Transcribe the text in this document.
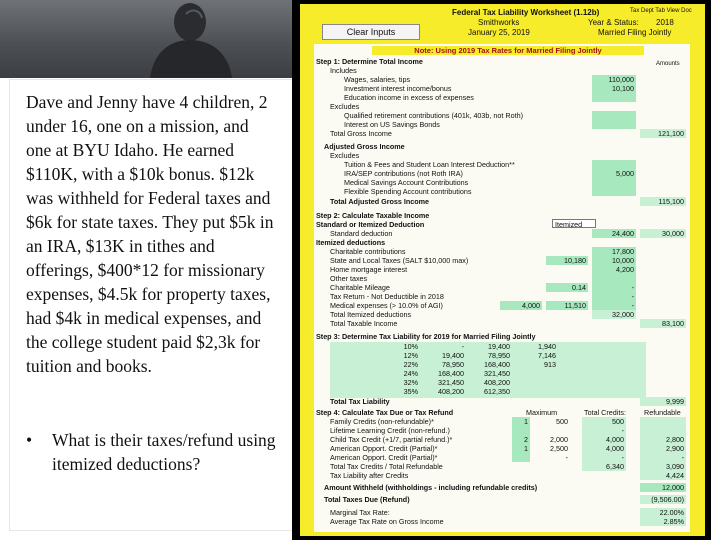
Dave and Jenny have 4 children, 2 under 16, one on a mission, and one at BYU Idaho. He earned $110K, with a $10k bonus. $12k was withheld for Federal taxes and $6k for state taxes. They put $5k in an IRA, $13K in tithes and offerings, $400*12 for missionary expenses, $4.5k for property taxes, had $4k in medical expenses, and the college student paid $2,3k for tuition and books.
• What is their taxes/refund using itemized deductions?
Clear Inputs
Federal Tax Liability Worksheet (1.12b)	Tax Dept Tab View Doc
Smithworks
January 25, 2019
Year & Status: 2018
Married Filing Jointly
Note: Using 2019 Tax Rates for Married Filing Jointly
Step 1: Determine Total Income	Amounts
Includes
Wages, salaries, tips	110,000
Investment interest income/bonus	10,100
Education income in excess of expenses
Excludes
Qualified retirement contributions (401k, 403b, not Roth)
Interest on US Savings Bonds
Total Gross Income	121,100
Adjusted Gross Income
Excludes
Tuition & Fees and Student Loan Interest Deduction**
IRA/SEP contributions (not Roth IRA)	5,000
Medical Savings Account Contributions
Flexible Spending Account contributions
Total Adjusted Gross Income	115,100
Step 2: Calculate Taxable Income
Standard or Itemized Deduction	Itemized
Standard deduction	24,400	30,000
Itemized deductions
Charitable contributions	17,800
State and Local Taxes (SALT $10,000 max)	10,180	10,000
Home mortgage interest	4,200
Other taxes
Charitable Mileage	0.14	-
Tax Return - Not Deductible in 2018	-
Medical expenses (> 10.0% of AGI)	4,000	11,510	-
Total Itemized deductions	32,000
Total Taxable Income	83,100
Step 3: Determine Tax Liability for 2019 for Married Filing Jointly
10%	-	19,400	1,940
12%	19,400	78,950	7,146
22%	78,950	168,400	913
24%	168,400	321,450
32%	321,450	408,200
35%	408,200	612,350
Total Tax Liability	9,999
Step 4: Calculate Tax Due or Tax Refund	Maximum	Total Credits:	Refundable
Family Credits (non-refundable)*	1	500	500
Lifetime Learning Credit (non-refund.)	-
Child Tax Credit (+1/7, partial refund.)*	2	2,000	4,000	2,800
American Opport. Credit (Partial)*	1	2,500	4,000	2,900
American Opport. Credit (Partial)*	-	-	-
Total Tax Credits / Total Refundable	6,340	3,090
Tax Liability after Credits	4,424
Amount Withheld (withholdings - including refundable credits)	12,000
Total Taxes Due (Refund)	(9,506.00)
Marginal Tax Rate:	22.00%
Average Tax Rate on Gross Income	2.85%
